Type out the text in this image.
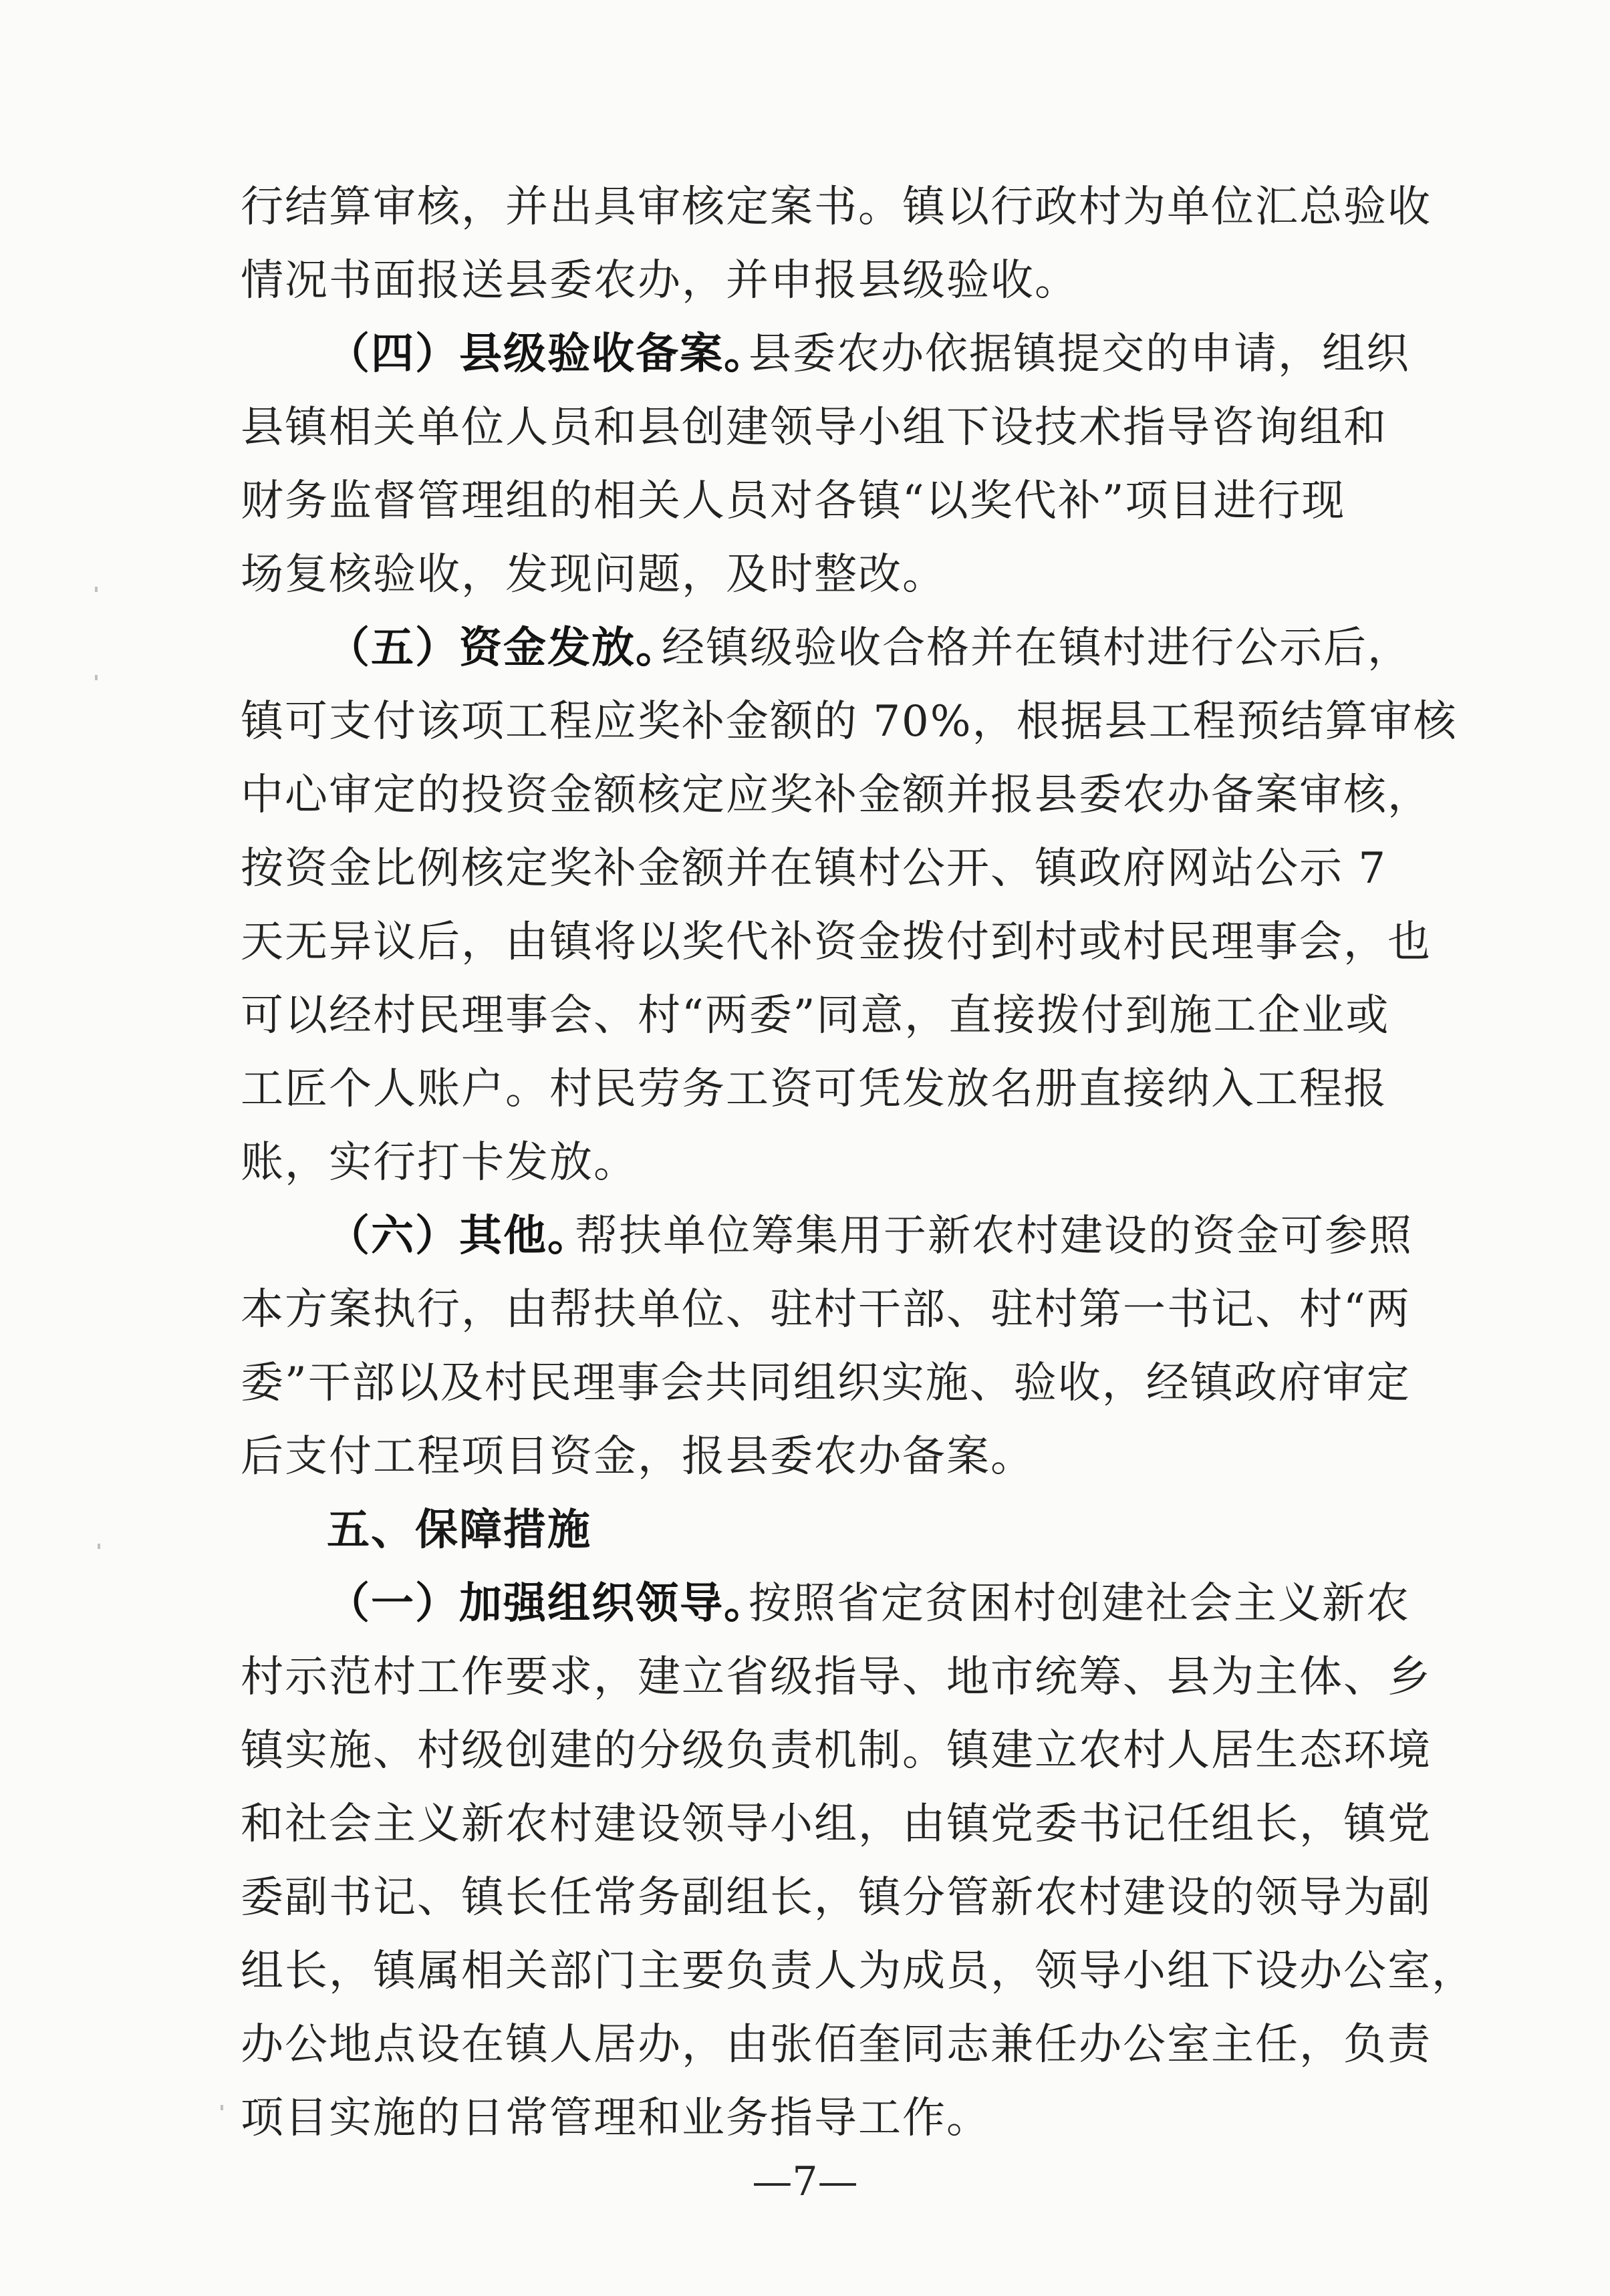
行结算审核，并出具审核定案书。镇以行政村为单位汇总验收
情况书面报送县委农办，并申报县级验收。
（四）县级验收备案。
县委农办依据镇提交的申请，组织
县镇相关单位人员和县创建领导小组下设技术指导咨询组和
财务监督管理组的相关人员对各镇“以奖代补”项目进行现
场复核验收，发现问题，及时整改。
（五）资金发放。
经镇级验收合格并在镇村进行公示后，
镇可支付该项工程应奖补金额的 70%，根据县工程预结算审核
中心审定的投资金额核定应奖补金额并报县委农办备案审核，
按资金比例核定奖补金额并在镇村公开、镇政府网站公示 7
天无异议后，由镇将以奖代补资金拨付到村或村民理事会，也
可以经村民理事会、村“两委”同意，直接拨付到施工企业或
工匠个人账户。村民劳务工资可凭发放名册直接纳入工程报
账，实行打卡发放。
（六）其他。
帮扶单位筹集用于新农村建设的资金可参照
本方案执行，由帮扶单位、驻村干部、驻村第一书记、村“两
委”干部以及村民理事会共同组织实施、验收，经镇政府审定
后支付工程项目资金，报县委农办备案。
五、保障措施
（一）加强组织领导。
按照省定贫困村创建社会主义新农
村示范村工作要求，建立省级指导、地市统筹、县为主体、乡
镇实施、村级创建的分级负责机制。镇建立农村人居生态环境
和社会主义新农村建设领导小组，由镇党委书记任组长，镇党
委副书记、镇长任常务副组长，镇分管新农村建设的领导为副
组长，镇属相关部门主要负责人为成员，领导小组下设办公室，
办公地点设在镇人居办，由张佰奎同志兼任办公室主任，负责
项目实施的日常管理和业务指导工作。
—7—
